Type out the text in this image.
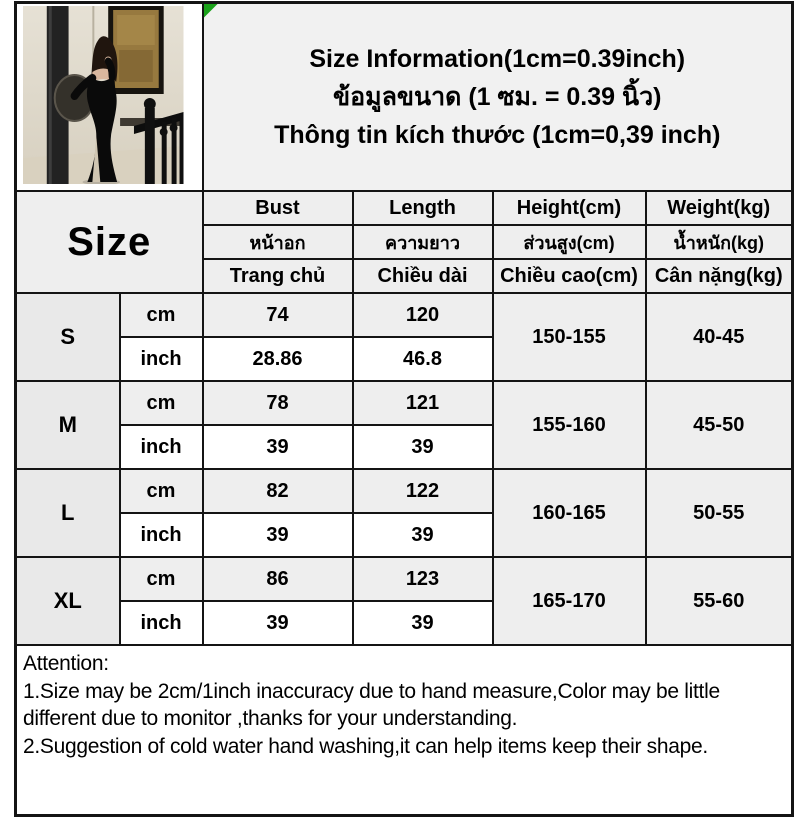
Size Information(1cm=0.39inch)
ข้อมูลขนาด (1 ซม. = 0.39 นิ้ว)
Thông tin kích thước (1cm=0,39 inch)			

Size		Bust	Length	Height(cm)	Weight(kg)
		หน้าอก	ความยาว	ส่วนสูง(cm)	น้ำหนัก(kg)
		Trang chủ	Chiều dài	Chiều cao(cm)	Cân nặng(kg)
S	cm	74	120	150-155	40-45
	inch	28.86	46.8		
M	cm	78	121	155-160	45-50
	inch	39	39		
L	cm	82	122	160-165	50-55
	inch	39	39		
XL	cm	86	123	165-170	55-60
	inch	39	39		

Attention:
1.Size may be 2cm/1inch inaccuracy due to hand measure,Color may be little different due to monitor ,thanks for your understanding.
2.Suggestion of cold water hand washing,it can help items keep their shape.					
